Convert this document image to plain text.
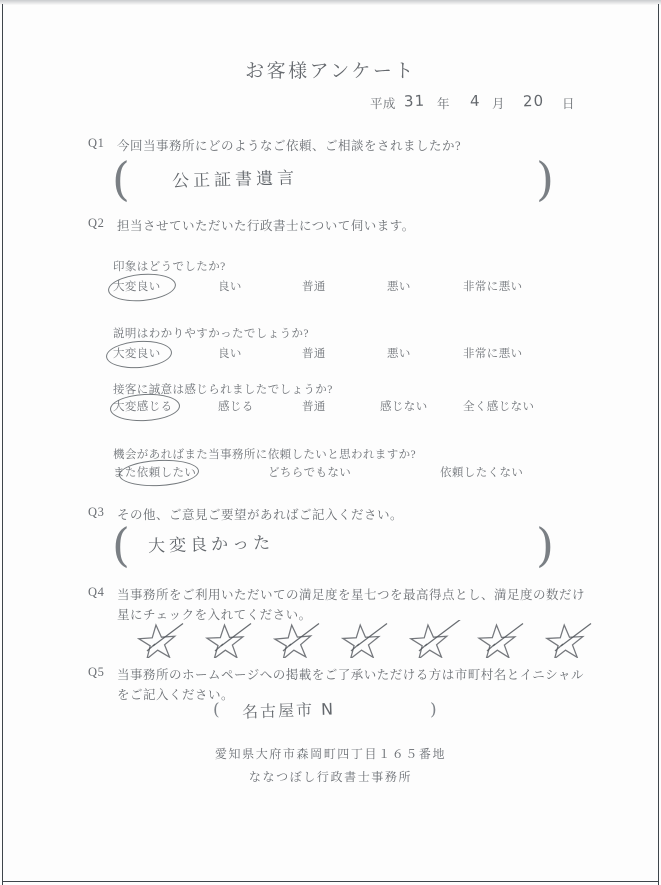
お客様アンケート
平成 31 年 4 月 20 日
Q1 今回当事務所にどのようなご依頼、ご相談をされましたか?
(	)
公正証書遺言
Q2 担当させていただいた行政書士について伺います。
印象はどうでしたか?
大変良い	良い	普通	悪い	非常に悪い
説明はわかりやすかったでしょうか?
大変良い	良い	普通	悪い	非常に悪い
接客に誠意は感じられましたでしょうか?
大変感じる	感じる	普通	感じない	全く感じない
機会があればまた当事務所に依頼したいと思われますか?
また依頼したい	どちらでもない	依頼したくない
Q3 その他、ご意見ご要望があればご記入ください。
(	)
大変良かった
Q4 当事務所をご利用いただいての満足度を星七つを最高得点とし、満足度の数だけ
星にチェックを入れてください。
Q5 当事務所のホームページへの掲載をご了承いただける方は市町村名とイニシャル
をご記入ください。
(	)
名古屋市 N
愛知県大府市森岡町四丁目１６５番地
ななつぼし行政書士事務所
